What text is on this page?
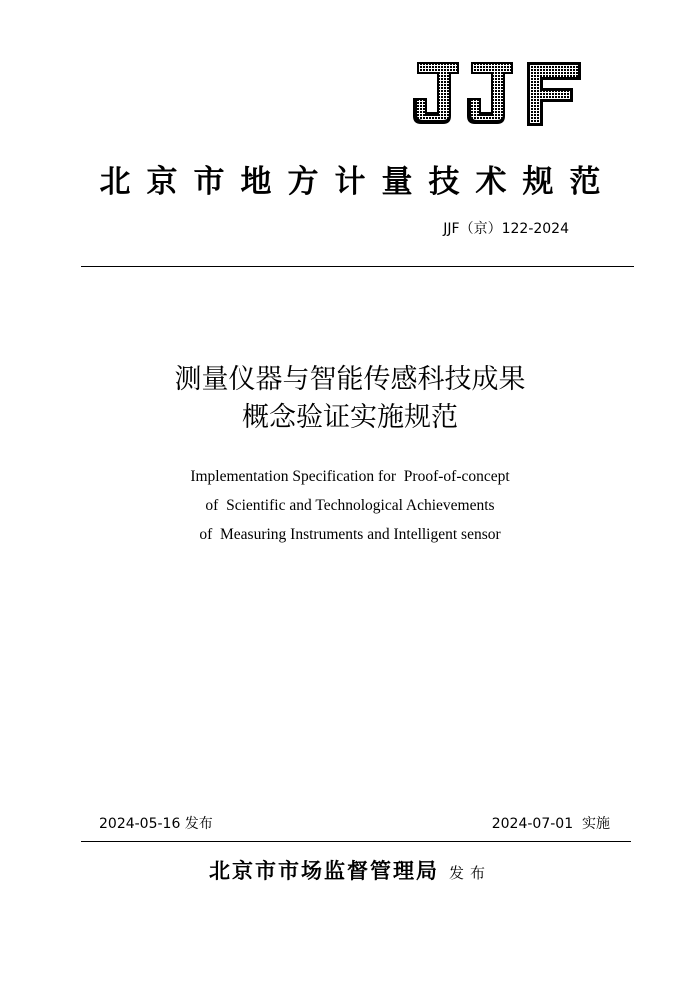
北京市地方计量技术规范
JJF（京）122-2024
测量仪器与智能传感科技成果
概念验证实施规范
Implementation Specification for  Proof-of-concept
of  Scientific and Technological Achievements
of  Measuring Instruments and Intelligent sensor
2024-05-16 发布	2024-07-01  实施
北京市市场监督管理局 发布
